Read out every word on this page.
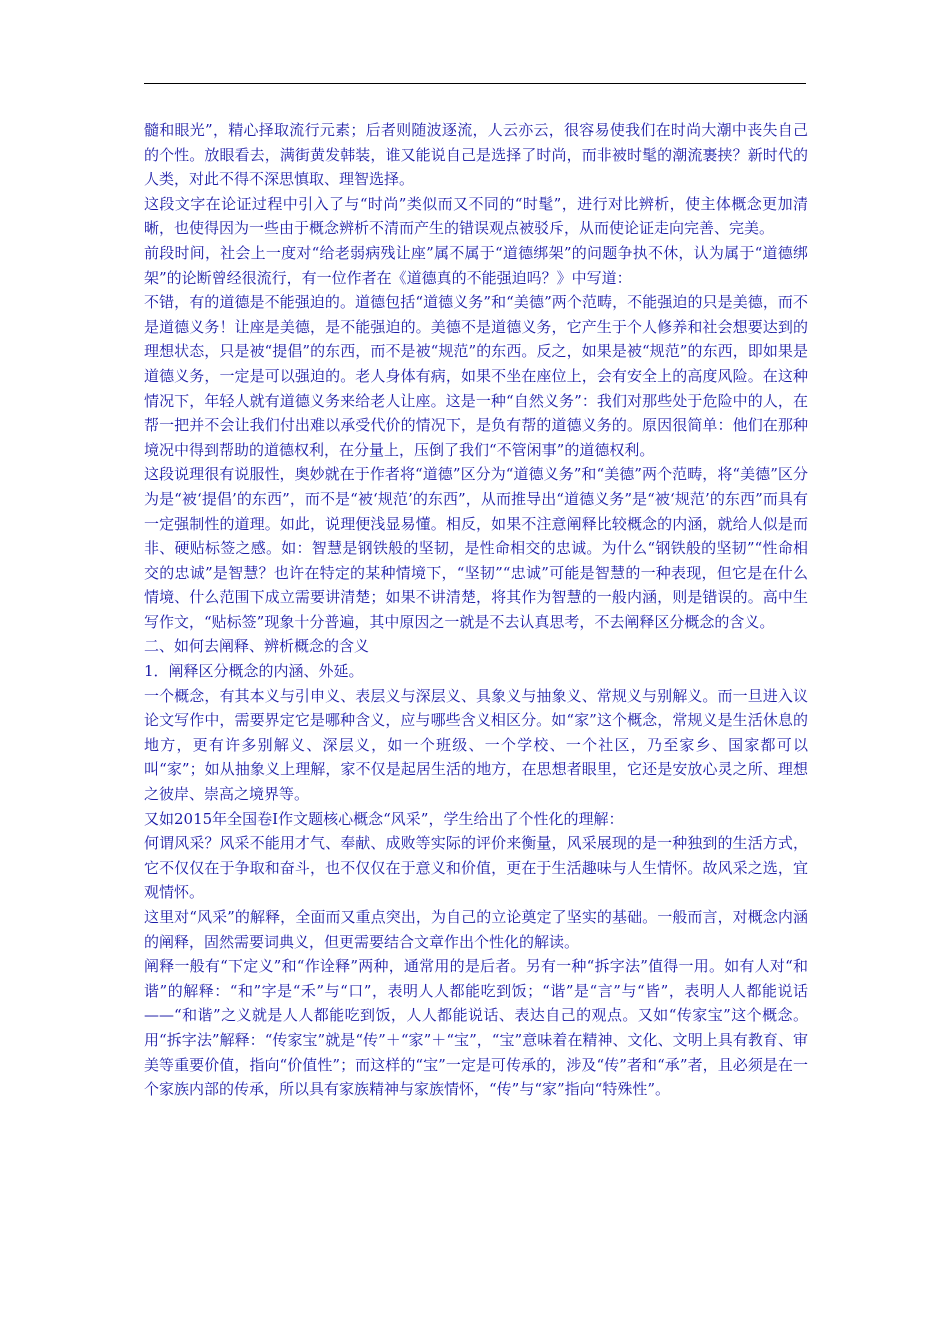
髓和眼光”，精心择取流行元素；后者则随波逐流，人云亦云，很容易使我们在时尚大潮中丧失自己的个性。放眼看去，满街黄发韩装，谁又能说自己是选择了时尚，而非被时髦的潮流裹挟？新时代的人类，对此不得不深思慎取、理智选择。

这段文字在论证过程中引入了与“时尚”类似而又不同的“时髦”，进行对比辨析，使主体概念更加清晰，也使得因为一些由于概念辨析不清而产生的错误观点被驳斥，从而使论证走向完善、完美。

前段时间，社会上一度对“给老弱病残让座”属不属于“道德绑架”的问题争执不休，认为属于“道德绑架”的论断曾经很流行，有一位作者在《道德真的不能强迫吗？》中写道：

不错，有的道德是不能强迫的。道德包括“道德义务”和“美德”两个范畴，不能强迫的只是美德，而不是道德义务！让座是美德，是不能强迫的。美德不是道德义务，它产生于个人修养和社会想要达到的理想状态，只是被“提倡”的东西，而不是被“规范”的东西。反之，如果是被“规范”的东西，即如果是道德义务，一定是可以强迫的。老人身体有病，如果不坐在座位上，会有安全上的高度风险。在这种情况下，年轻人就有道德义务来给老人让座。这是一种“自然义务”：我们对那些处于危险中的人，在帮一把并不会让我们付出难以承受代价的情况下，是负有帮的道德义务的。原因很简单：他们在那种境况中得到帮助的道德权利，在分量上，压倒了我们“不管闲事”的道德权利。

这段说理很有说服性，奥妙就在于作者将“道德”区分为“道德义务”和“美德”两个范畴，将“美德”区分为是“被‘提倡’的东西”，而不是“被‘规范’的东西”，从而推导出“道德义务”是“被‘规范’的东西”而具有一定强制性的道理。如此，说理便浅显易懂。相反，如果不注意阐释比较概念的内涵，就给人似是而非、硬贴标签之感。如：智慧是钢铁般的坚韧，是性命相交的忠诚。为什么“钢铁般的坚韧”“性命相交的忠诚”是智慧？也许在特定的某种情境下，“坚韧”“忠诚”可能是智慧的一种表现，但它是在什么情境、什么范围下成立需要讲清楚；如果不讲清楚，将其作为智慧的一般内涵，则是错误的。高中生写作文，“贴标签”现象十分普遍，其中原因之一就是不去认真思考，不去阐释区分概念的含义。

二、如何去阐释、辨析概念的含义

1．阐释区分概念的内涵、外延。

一个概念，有其本义与引申义、表层义与深层义、具象义与抽象义、常规义与别解义。而一旦进入议论文写作中，需要界定它是哪种含义，应与哪些含义相区分。如“家”这个概念，常规义是生活休息的地方，更有许多别解义、深层义，如一个班级、一个学校、一个社区，乃至家乡、国家都可以叫“家”；如从抽象义上理解，家不仅是起居生活的地方，在思想者眼里，它还是安放心灵之所、理想之彼岸、崇高之境界等。

又如2015年全国卷Ⅰ作文题核心概念“风采”，学生给出了个性化的理解：

何谓风采？风采不能用才气、奉献、成败等实际的评价来衡量，风采展现的是一种独到的生活方式，它不仅仅在于争取和奋斗，也不仅仅在于意义和价值，更在于生活趣味与人生情怀。故风采之选，宜观情怀。

这里对“风采”的解释，全面而又重点突出，为自己的立论奠定了坚实的基础。一般而言，对概念内涵的阐释，固然需要词典义，但更需要结合文章作出个性化的解读。

阐释一般有“下定义”和“作诠释”两种，通常用的是后者。另有一种“拆字法”值得一用。如有人对“和谐”的解释：“和”字是“禾”与“口”，表明人人都能吃到饭；“谐”是“言”与“皆”，表明人人都能说话——“和谐”之义就是人人都能吃到饭，人人都能说话、表达自己的观点。又如“传家宝”这个概念。用“拆字法”解释：“传家宝”就是“传”＋“家”＋“宝”，“宝”意味着在精神、文化、文明上具有教育、审美等重要价值，指向“价值性”；而这样的“宝”一定是可传承的，涉及“传”者和“承”者，且必须是在一个家族内部的传承，所以具有家族精神与家族情怀，“传”与“家”指向“特殊性”。
